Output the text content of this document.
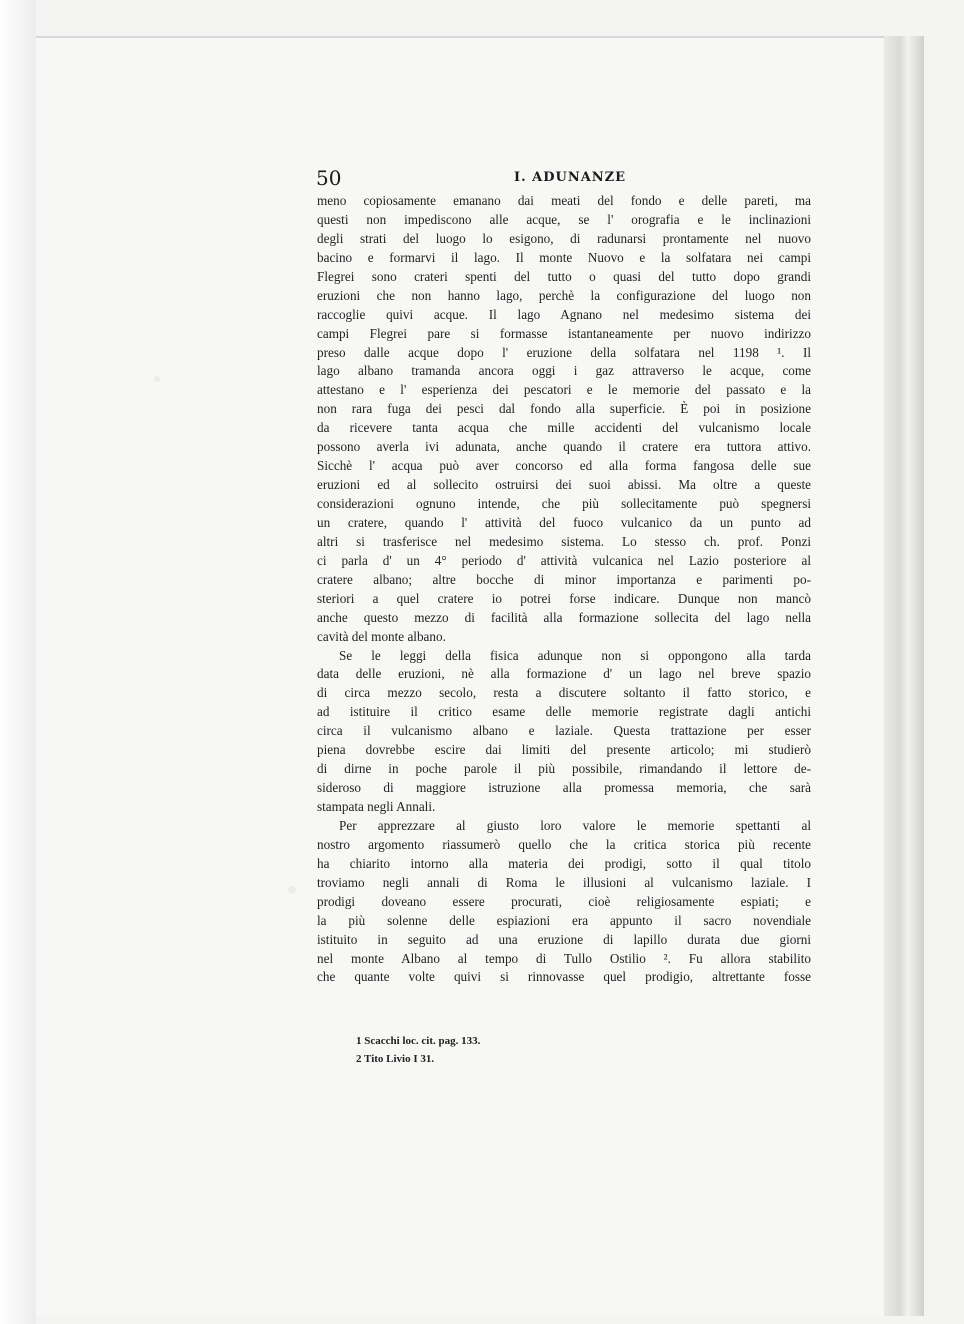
50	I. ADUNANZE
meno copiosamente emanano dai meati del fondo e delle pareti, ma
questi non impediscono alle acque, se l' orografia e le inclinazioni
degli strati del luogo lo esigono, di radunarsi prontamente nel nuovo
bacino e formarvi il lago. Il monte Nuovo e la solfatara nei campi
Flegrei sono crateri spenti del tutto o quasi del tutto dopo grandi
eruzioni che non hanno lago, perchè la configurazione del luogo non
raccoglie quivi acque. Il lago Agnano nel medesimo sistema dei
campi Flegrei pare si formasse istantaneamente per nuovo indirizzo
preso dalle acque dopo l' eruzione della solfatara nel 1198 ¹. Il
lago albano tramanda ancora oggi i gaz attraverso le acque, come
attestano e l' esperienza dei pescatori e le memorie del passato e la
non rara fuga dei pesci dal fondo alla superficie. È poi in posizione
da ricevere tanta acqua che mille accidenti del vulcanismo locale
possono averla ivi adunata, anche quando il cratere era tuttora attivo.
Sicchè l' acqua può aver concorso ed alla forma fangosa delle sue
eruzioni ed al sollecito ostruirsi dei suoi abissi. Ma oltre a queste
considerazioni ognuno intende, che più sollecitamente può spegnersi
un cratere, quando l' attività del fuoco vulcanico da un punto ad
altri si trasferisce nel medesimo sistema. Lo stesso ch. prof. Ponzi
ci parla d' un 4° periodo d' attività vulcanica nel Lazio posteriore al
cratere albano; altre bocche di minor importanza e parimenti po-
steriori a quel cratere io potrei forse indicare. Dunque non mancò
anche questo mezzo di facilità alla formazione sollecita del lago nella
cavità del monte albano.
Se le leggi della fisica adunque non si oppongono alla tarda
data delle eruzioni, nè alla formazione d' un lago nel breve spazio
di circa mezzo secolo, resta a discutere soltanto il fatto storico, e
ad istituire il critico esame delle memorie registrate dagli antichi
circa il vulcanismo albano e laziale. Questa trattazione per esser
piena dovrebbe escire dai limiti del presente articolo; mi studierò
di dirne in poche parole il più possibile, rimandando il lettore de-
sideroso di maggiore istruzione alla promessa memoria, che sarà
stampata negli Annali.
Per apprezzare al giusto loro valore le memorie spettanti al
nostro argomento riassumerò quello che la critica storica più recente
ha chiarito intorno alla materia dei prodigi, sotto il qual titolo
troviamo negli annali di Roma le illusioni al vulcanismo laziale. I
prodigi doveano essere procurati, cioè religiosamente espiati; e
la più solenne delle espiazioni era appunto il sacro novendiale
istituito in seguito ad una eruzione di lapillo durata due giorni
nel monte Albano al tempo di Tullo Ostilio ². Fu allora stabilito
che quante volte quivi si rinnovasse quel prodigio, altrettante fosse
1 Scacchi loc. cit. pag. 133.
2 Tito Livio I 31.
